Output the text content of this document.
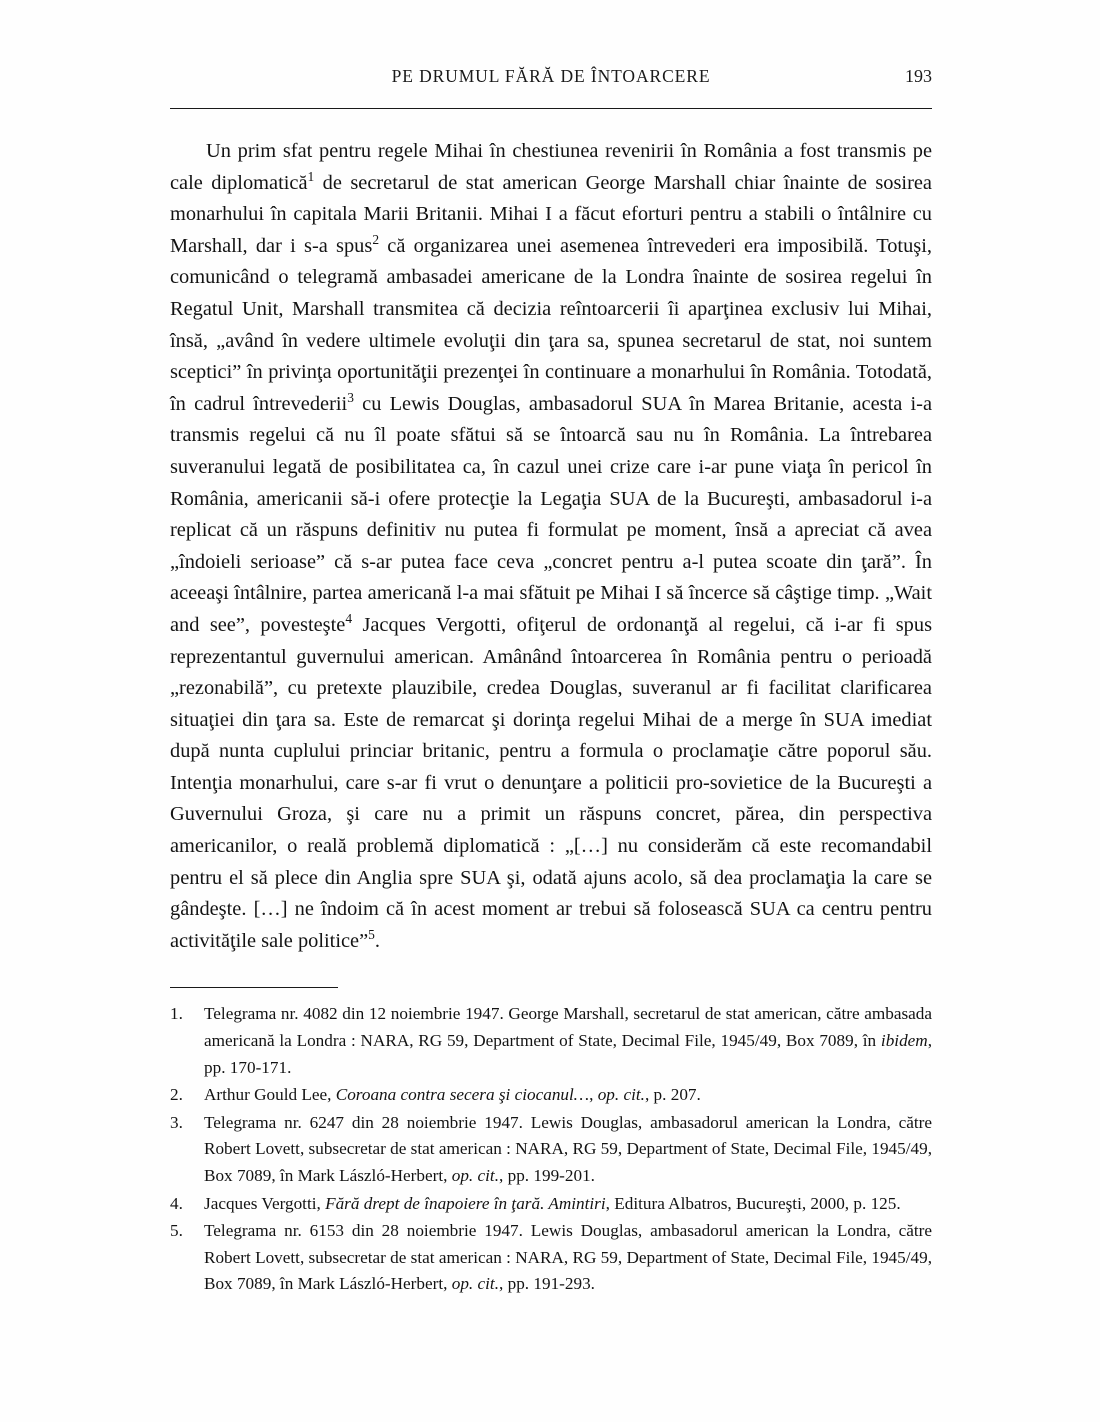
PE DRUMUL FĂRĂ DE ÎNTOARCERE	193

Un prim sfat pentru regele Mihai în chestiunea revenirii în România a fost transmis pe cale diplomatică$^1$ de secretarul de stat american George Marshall chiar înainte de sosirea monarhului în capitala Marii Britanii. Mihai I a făcut eforturi pentru a stabili o întâlnire cu Marshall, dar i s-a spus$^2$ că organizarea unei asemenea întrevederi era imposibilă. Totuşi, comunicând o telegramă ambasadei americane de la Londra înainte de sosirea regelui în Regatul Unit, Marshall transmitea că decizia reîntoarcerii îi aparţinea exclusiv lui Mihai, însă, „având în vedere ultimele evoluţii din ţara sa, spunea secretarul de stat, noi suntem sceptici” în privinţa oportunităţii prezenţei în continuare a monarhului în România. Totodată, în cadrul întrevederii$^3$ cu Lewis Douglas, ambasadorul SUA în Marea Britanie, acesta i-a transmis regelui că nu îl poate sfătui să se întoarcă sau nu în România. La întrebarea suveranului legată de posibilitatea ca, în cazul unei crize care i-ar pune viaţa în pericol în România, americanii să-i ofere protecţie la Legaţia SUA de la Bucureşti, ambasadorul i-a replicat că un răspuns definitiv nu putea fi formulat pe moment, însă a apreciat că avea „îndoieli serioase” că s-ar putea face ceva „concret pentru a-l putea scoate din ţară”. În aceeaşi întâlnire, partea americană l-a mai sfătuit pe Mihai I să încerce să câştige timp. „Wait and see”, povesteşte$^4$ Jacques Vergotti, ofiţerul de ordonanţă al regelui, că i-ar fi spus reprezentantul guvernului american. Amânând întoarcerea în România pentru o perioadă „rezonabilă”, cu pretexte plauzibile, credea Douglas, suveranul ar fi facilitat clarificarea situaţiei din ţara sa. Este de remarcat şi dorinţa regelui Mihai de a merge în SUA imediat după nunta cuplului princiar britanic, pentru a formula o proclamaţie către poporul său. Intenţia monarhului, care s-ar fi vrut o denunţare a politicii pro-sovietice de la Bucureşti a Guvernului Groza, şi care nu a primit un răspuns concret, părea, din perspectiva americanilor, o reală problemă diplomatică : „[…] nu considerăm că este recomandabil pentru el să plece din Anglia spre SUA şi, odată ajuns acolo, să dea proclamaţia la care se gândeşte. […] ne îndoim că în acest moment ar trebui să folosească SUA ca centru pentru activităţile sale politice”$^5$.

1.	Telegrama nr. 4082 din 12 noiembrie 1947. George Marshall, secretarul de stat american, către ambasada americană la Londra : NARA, RG 59, Department of State, Decimal File, 1945/49, Box 7089, în ibidem, pp. 170-171.
2.	Arthur Gould Lee, Coroana contra secera şi ciocanul…, op. cit., p. 207.
3.	Telegrama nr. 6247 din 28 noiembrie 1947. Lewis Douglas, ambasadorul american la Londra, către Robert Lovett, subsecretar de stat american : NARA, RG 59, Department of State, Decimal File, 1945/49, Box 7089, în Mark László-Herbert, op. cit., pp. 199-201.
4.	Jacques Vergotti, Fără drept de înapoiere în ţară. Amintiri, Editura Albatros, Bucureşti, 2000, p. 125.
5.	Telegrama nr. 6153 din 28 noiembrie 1947. Lewis Douglas, ambasadorul american la Londra, către Robert Lovett, subsecretar de stat american : NARA, RG 59, Department of State, Decimal File, 1945/49, Box 7089, în Mark László-Herbert, op. cit., pp. 191-293.
